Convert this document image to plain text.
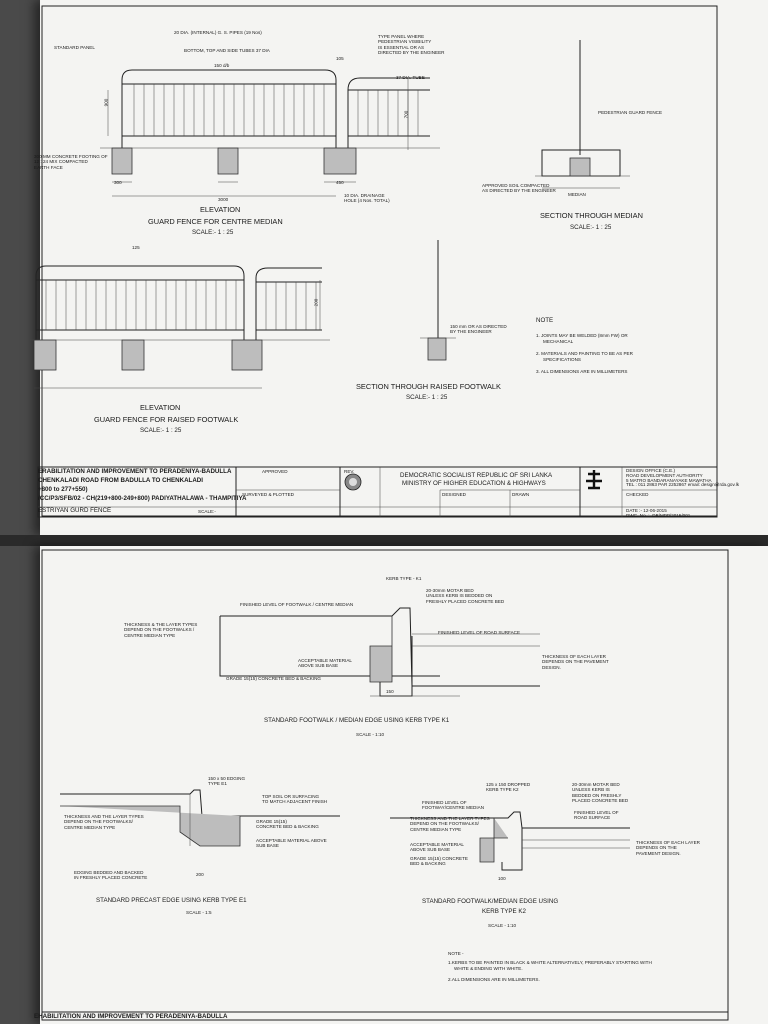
20 DIA. (INTERNAL) G. S. PIPES (19 Nos)
STANDARD PANEL
BOTTOM, TOP AND SIDE TUBES 37 DIA
TYPE PANEL WHERE
PEDESTRIAN VISIBILITY
IS ESSENTIAL OR AS
DIRECTED BY THE ENGINEER
37 DIA. TUBE
300 MM CONCRETE FOOTING OF
12 : 24 MIX COMPACTED
EARTH FACE
10 DIA. DRAINAGE
HOLE (4 Nos. TOTAL)
PEDESTRIAN GUARD FENCE
APPROVED SOIL COMPACTED
AS DIRECTED BY THE ENGINEER
MEDIAN
150 mm OR AS DIRECTED
BY THE ENGINEER
150 d/b
105
3000
300	450
900
700
125
200
ELEVATION
GUARD FENCE FOR CENTRE MEDIAN
SCALE:- 1 : 25
SECTION THROUGH MEDIAN
SCALE:- 1 : 25
SECTION THROUGH RAISED FOOTWALK
SCALE:- 1 : 25
ELEVATION
GUARD FENCE FOR RAISED FOOTWALK
SCALE:- 1 : 25
NOTE
1. JOINTS MAY BE WELDED (8mm FW) OR
MECHANICAL
2. MATERIALS AND PAINTING TO BE AS PER
SPECIFICATIONS
3. ALL DIMENSIONS ARE IN MILLIMETERS
ERABILITATION AND IMPROVEMENT TO PERADENIYA-BADULLA
CHENKALADI ROAD FROM BADULLA TO CHENKALADI
+800 to 277+550)
/CC/P3/SFB/02 - CH(219+800-249+800) PADIYATHALAWA - THAMPITIYA
ESTRIYAN GURD FENCE	SCALE:-
APPROVED	REV.
DEMOCRATIC SOCIALIST REPUBLIC OF SRI LANKA
MINISTRY OF HIGHER EDUCATION & HIGHWAYS
SURVEYED & PLOTTED	DESIGNED	DRAWN	CHECKED
DATE :- 12-06-2015
DWG. No. :- DB/MPP/2015/001
DESIGN OFFICE (C.E.)
ROAD DEVELOPMENT AUTHORITY
5 MATRO BANDARANAYAKE MAWATHA
TEL : 011 2863 PAR 2252867 email: design@rda.gov.lk
KERB TYPE - K1
20-30mm MOTAR BED
UNLESS KERB IS BEDDED ON
FRESHLY PLACED CONCRETE BED
FINISHED LEVEL OF FOOTWALK / CENTRE MEDIAN
THICKNESS & THE LAYER TYPES
DEPEND ON THE FOOTWALKS /
CENTRE MEDIAN TYPE
FINISHED LEVEL OF ROAD SURFACE
ACCEPTABLE MATERIAL
ABOVE SUB BASE
THICKNESS OF EACH LAYER
DEPENDS ON THE PAVEMENT
DESIGN.
GRADE 15(15) CONCRETE BED & BACKING
150
STANDARD FOOTWALK / MEDIAN EDGE USING KERB TYPE K1
SCALE - 1:10
150 x 50 EDGING
TYPE E1
TOP SOIL OR SURFACING
TO MATCH ADJACENT FINISH
THICKNESS AND THE LAYER TYPES
DEPEND ON THE FOOTWALKS/
CENTRE MEDIAN TYPE
GRADE 15(15)
CONCRETE BED & BACKING
ACCEPTABLE MATERIAL ABOVE
SUB BASE
EDGING BEDDED AND BACKED
IN FRESHLY PLACED CONCRETE
200
STANDARD PRECAST EDGE USING KERB TYPE E1
SCALE - 1:5
125 x 150 DROPPED
KERB TYPE K2
20-30mm MOTAR BED
UNLESS KERB IS
BEDDED ON FRESHLY
PLACED CONCRETE BED
FINISHED LEVEL OF
FOOTWAY/CENTRE MEDIAN
THICKNESS AND THE LAYER TYPES
DEPEND ON THE FOOTWALKS/
CENTRE MEDIAN TYPE
FINISHED LEVEL OF
ROAD SURFACE
ACCEPTABLE MATERIAL
ABOVE SUB BASE
THICKNESS OF EACH LAYER
DEPENDS ON THE
PAVEMENT DESIGN.
GRADE 15(15) CONCRETE
BED & BACKING
100
STANDARD FOOTWALK/MEDIAN EDGE USING
KERB TYPE K2
SCALE - 1:10
NOTE -
1.KERBS TO BE PAINTED IN BLACK & WHITE ALTERNATIVELY, PREFERABLY STARTING WITH
WHITE & ENDING WITH WHITE.
2.ALL DIMENSIONS ARE IN MILLIMETERS.
EHABILITATION AND IMPROVEMENT TO PERADENIYA-BADULLA
